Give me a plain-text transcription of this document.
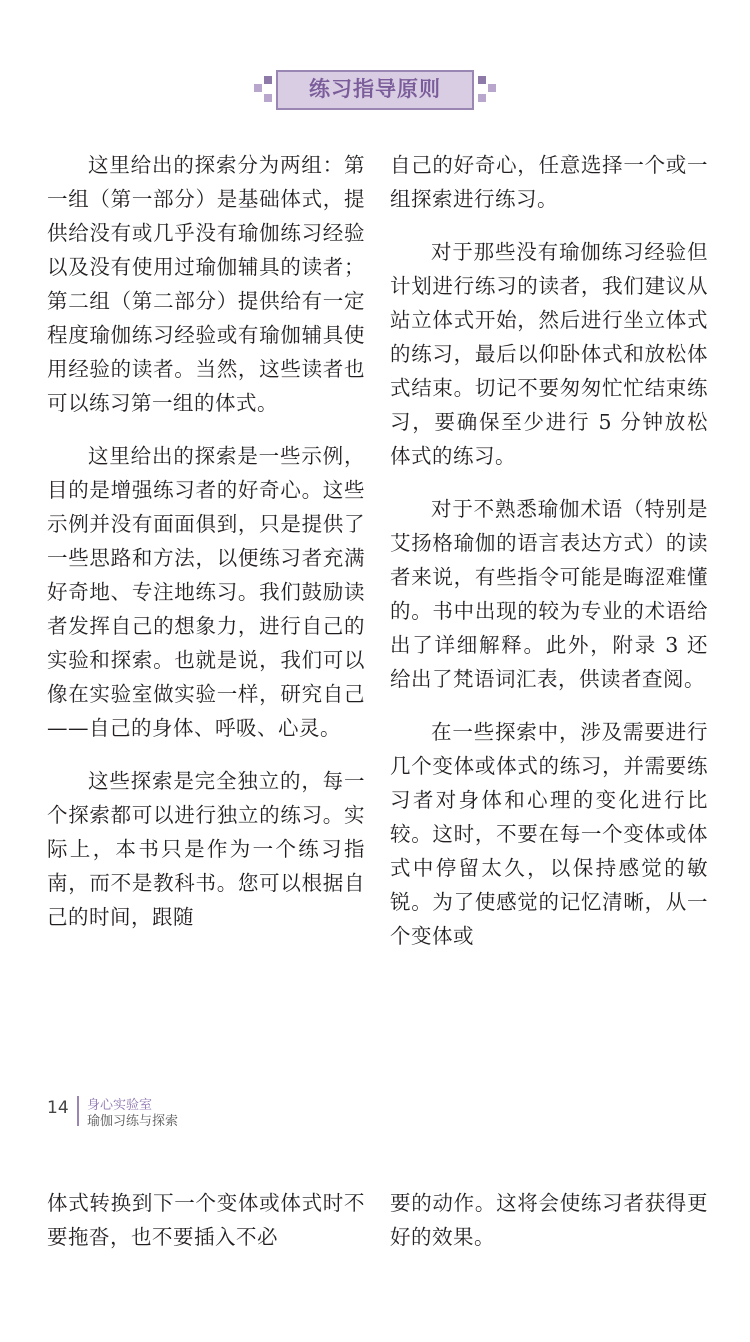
练习指导原则

这里给出的探索分为两组：第一组（第一部分）是基础体式，提供给没有或几乎没有瑜伽练习经验以及没有使用过瑜伽辅具的读者；第二组（第二部分）提供给有一定程度瑜伽练习经验或有瑜伽辅具使用经验的读者。当然，这些读者也可以练习第一组的体式。

这里给出的探索是一些示例，目的是增强练习者的好奇心。这些示例并没有面面俱到，只是提供了一些思路和方法，以便练习者充满好奇地、专注地练习。我们鼓励读者发挥自己的想象力，进行自己的实验和探索。也就是说，我们可以像在实验室做实验一样，研究自己——自己的身体、呼吸、心灵。

这些探索是完全独立的，每一个探索都可以进行独立的练习。实际上，本书只是作为一个练习指南，而不是教科书。您可以根据自己的时间，跟随

自己的好奇心，任意选择一个或一组探索进行练习。

对于那些没有瑜伽练习经验但计划进行练习的读者，我们建议从站立体式开始，然后进行坐立体式的练习，最后以仰卧体式和放松体式结束。切记不要匆匆忙忙结束练习，要确保至少进行 5 分钟放松体式的练习。

对于不熟悉瑜伽术语（特别是艾扬格瑜伽的语言表达方式）的读者来说，有些指令可能是晦涩难懂的。书中出现的较为专业的术语给出了详细解释。此外，附录 3 还给出了梵语词汇表，供读者查阅。

在一些探索中，涉及需要进行几个变体或体式的练习，并需要练习者对身体和心理的变化进行比较。这时，不要在每一个变体或体式中停留太久，以保持感觉的敏锐。为了使感觉的记忆清晰，从一个变体或

14 身心实验室
瑜伽习练与探索

体式转换到下一个变体或体式时不要拖沓，也不要插入不必

要的动作。这将会使练习者获得更好的效果。
